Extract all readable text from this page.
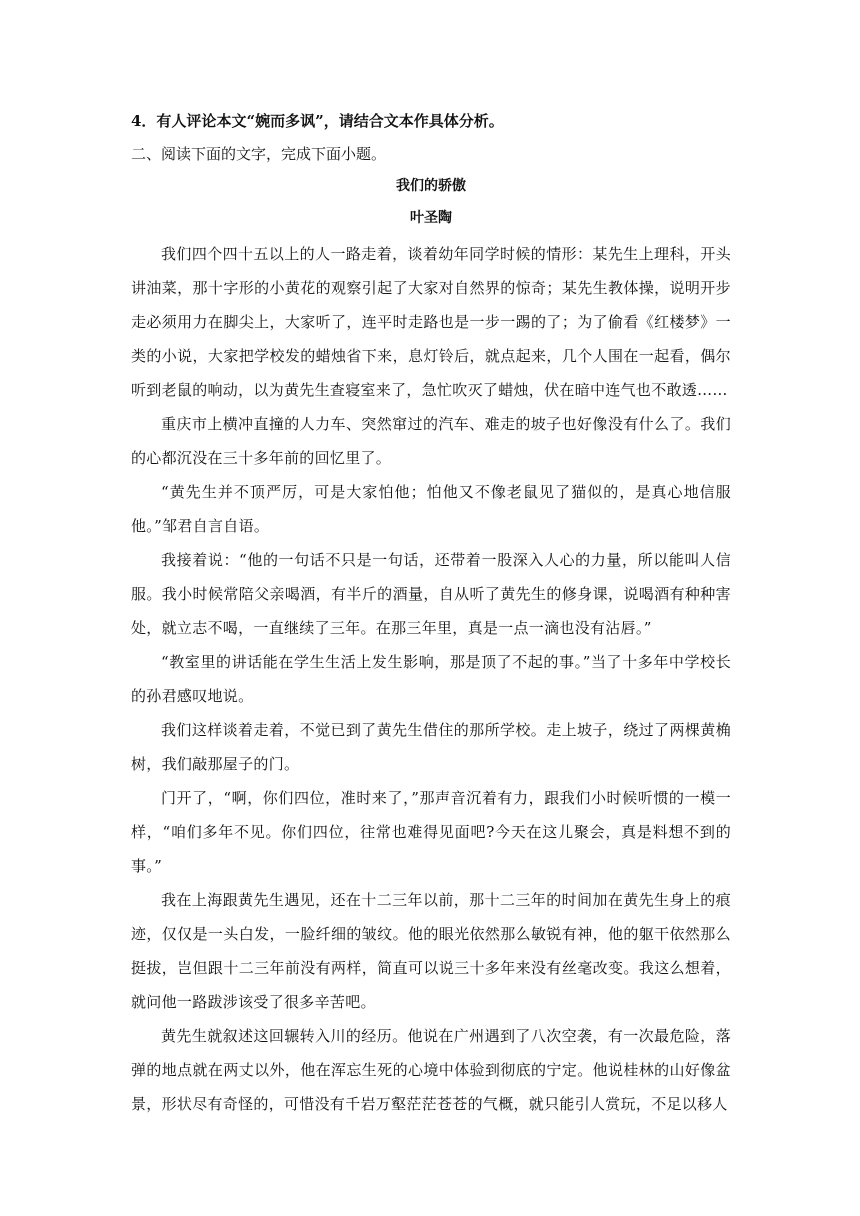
4．有人评论本文“婉而多讽”，请结合文本作具体分析。

二、阅读下面的文字，完成下面小题。

我们的骄傲
叶圣陶

我们四个四十五以上的人一路走着，谈着幼年同学时候的情形：某先生上理科，开头讲油菜，那十字形的小黄花的观察引起了大家对自然界的惊奇；某先生教体操，说明开步走必须用力在脚尖上，大家听了，连平时走路也是一步一踢的了；为了偷看《红楼梦》一类的小说，大家把学校发的蜡烛省下来，息灯铃后，就点起来，几个人围在一起看，偶尔听到老鼠的响动，以为黄先生查寝室来了，急忙吹灭了蜡烛，伏在暗中连气也不敢透……

重庆市上横冲直撞的人力车、突然窜过的汽车、难走的坡子也好像没有什么了。我们的心都沉没在三十多年前的回忆里了。

“黄先生并不顶严厉，可是大家怕他；怕他又不像老鼠见了猫似的，是真心地信服他。”邹君自言自语。

我接着说：“他的一句话不只是一句话，还带着一股深入人心的力量，所以能叫人信服。我小时候常陪父亲喝酒，有半斤的酒量，自从听了黄先生的修身课，说喝酒有种种害处，就立志不喝，一直继续了三年。在那三年里，真是一点一滴也没有沾唇。”

“教室里的讲话能在学生生活上发生影响，那是顶了不起的事。”当了十多年中学校长的孙君感叹地说。

我们这样谈着走着，不觉已到了黄先生借住的那所学校。走上坡子，绕过了两棵黄桷树，我们敲那屋子的门。

门开了，“啊，你们四位，准时来了，”那声音沉着有力，跟我们小时候听惯的一模一样，“咱们多年不见。你们四位，往常也难得见面吧?今天在这儿聚会，真是料想不到的事。”

我在上海跟黄先生遇见，还在十二三年以前，那十二三年的时间加在黄先生身上的痕迹，仅仅是一头白发，一脸纤细的皱纹。他的眼光依然那么敏锐有神，他的躯干依然那么挺拔，岂但跟十二三年前没有两样，简直可以说三十多年来没有丝毫改变。我这么想着，就问他一路跋涉该受了很多辛苦吧。

黄先生就叙述这回辗转入川的经历。他说在广州遇到了八次空袭，有一次最危险，落弹的地点就在两丈以外，他在浑忘生死的心境中体验到彻底的宁定。他说桂林的山好像盆景，形状尽有奇怪的，可惜没有千岩万壑茫茫苍苍的气概，就只能引人赏玩，不足以移人
